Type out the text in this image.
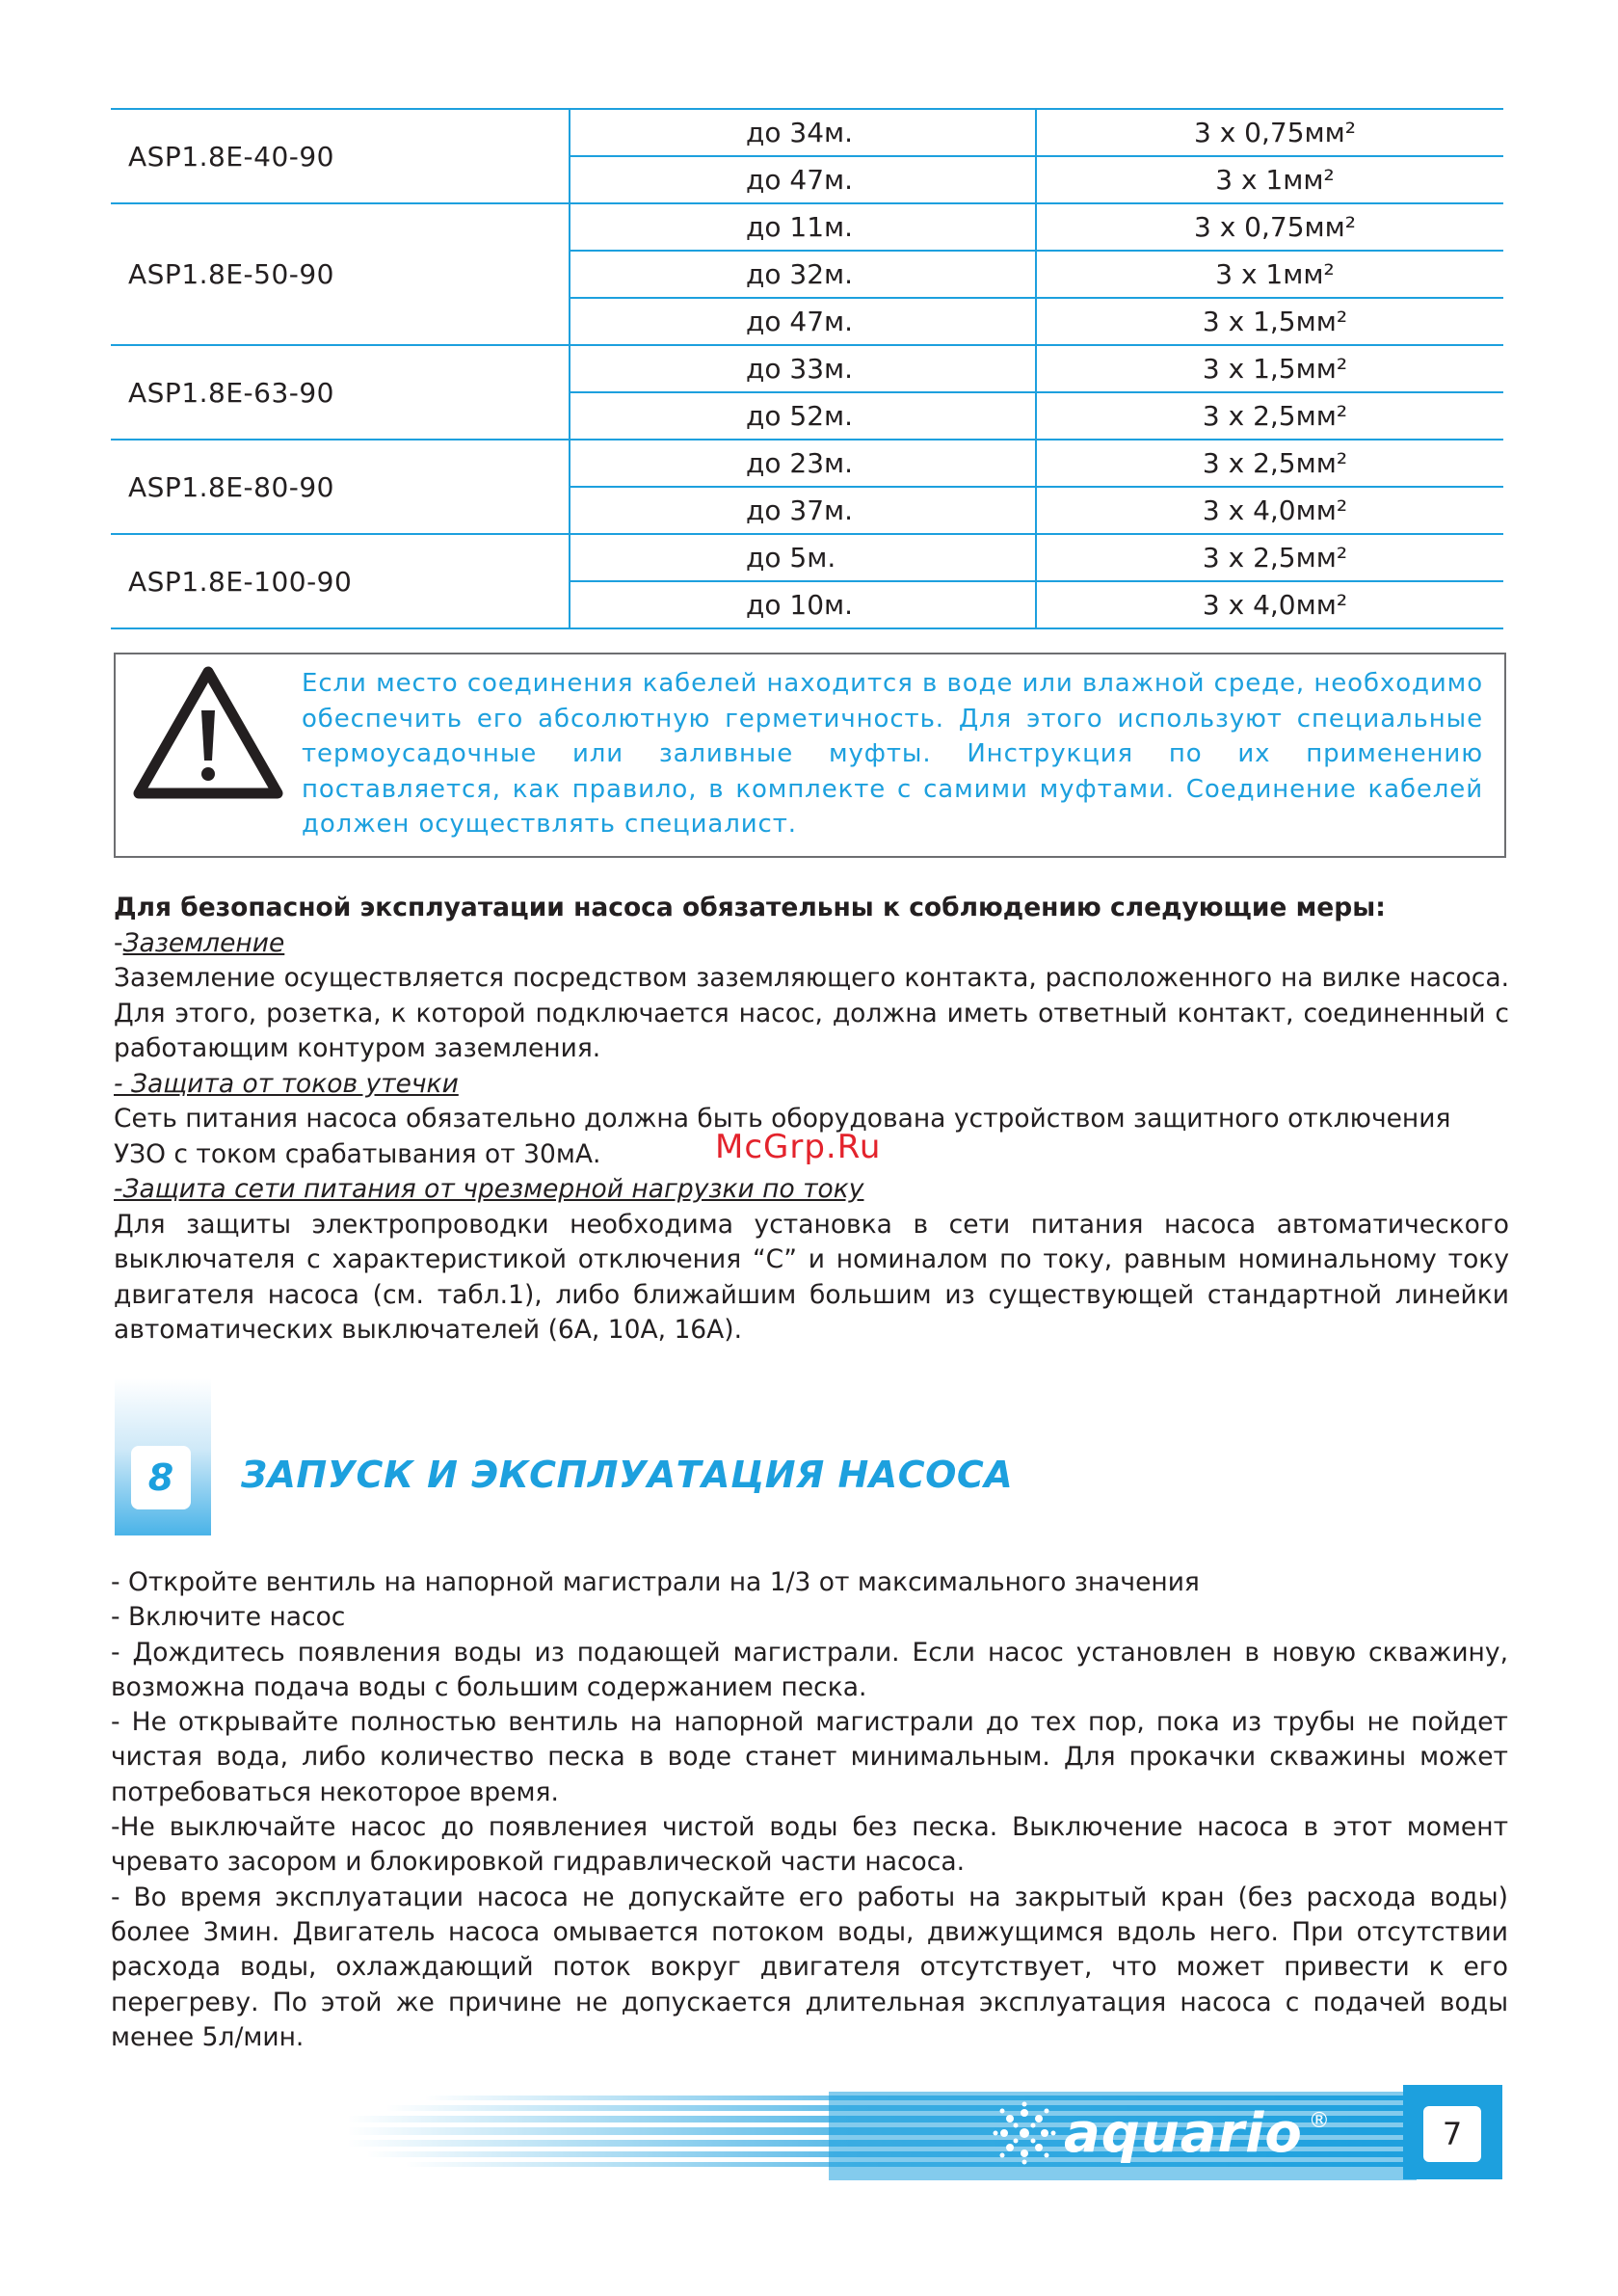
ASP1.8E-40-90
до 34м.	3 x 0,75мм²
до 47м.	3 x 1мм²
ASP1.8E-50-90
до 11м.	3 x 0,75мм²
до 32м.	3 x 1мм²
до 47м.	3 x 1,5мм²
ASP1.8E-63-90
до 33м.	3 x 1,5мм²
до 52м.	3 x 2,5мм²
ASP1.8E-80-90
до 23м.	3 x 2,5мм²
до 37м.	3 x 4,0мм²
ASP1.8E-100-90
до 5м.	3 x 2,5мм²
до 10м.	3 x 4,0мм²

Если место соединения кабелей находится в воде или влажной среде, необходимо обеспечить его абсолютную герметичность. Для этого используют специальные термоусадочные или заливные муфты. Инструкция по их применению поставляется, как правило, в комплекте с самими муфтами. Соединение кабелей должен осуществлять специалист.

Для безопасной эксплуатации насоса обязательны к соблюдению следующие меры:

-Заземление

Заземление осуществляется посредством заземляющего контакта, расположенного на вилке насоса. Для этого, розетка, к которой подключается насос, должна иметь ответный контакт, соединенный с работающим контуром заземления.

- Защита от токов утечки

Сеть питания насоса обязательно должна быть оборудована устройством защитного отключения УЗО с током срабатывания от 30мА.

-Защита сети питания от чрезмерной нагрузки по току

Для защиты электропроводки необходима установка в сети питания насоса автоматического выключателя с характеристикой отключения “С” и номиналом по току, равным номинальному току двигателя насоса (см. табл.1), либо ближайшим большим из существующей стандартной линейки автоматических выключателей (6А, 10А, 16А).

McGrp.Ru
8	ЗАПУСК И ЭКСПЛУАТАЦИЯ НАСОСА

- Откройте вентиль на напорной магистрали на 1/3 от максимального значения

- Включите насос

- Дождитесь появления воды из подающей магистрали. Если насос установлен в новую скважину, возможна подача воды с большим содержанием песка.

- Не открывайте полностью вентиль на напорной магистрали до тех пор, пока из трубы не пойдет чистая вода, либо количество песка в воде станет минимальным. Для прокачки скважины может потребоваться некоторое время.

-Не выключайте насос до появлениея чистой воды без песка. Выключение насоса в этот момент чревато засором и блокировкой гидравлической части насоса.

- Во время эксплуатации насоса не допускайте его работы на закрытый кран (без расхода воды) более 3мин. Двигатель насоса омывается потоком воды, движущимся вдоль него. При отсутствии расхода воды, охлаждающий поток вокруг двигателя отсутствует, что может привести к его перегреву. По этой же причине не допускается длительная эксплуатация насоса с подачей воды менее 5л/мин.

aquario ®	7
